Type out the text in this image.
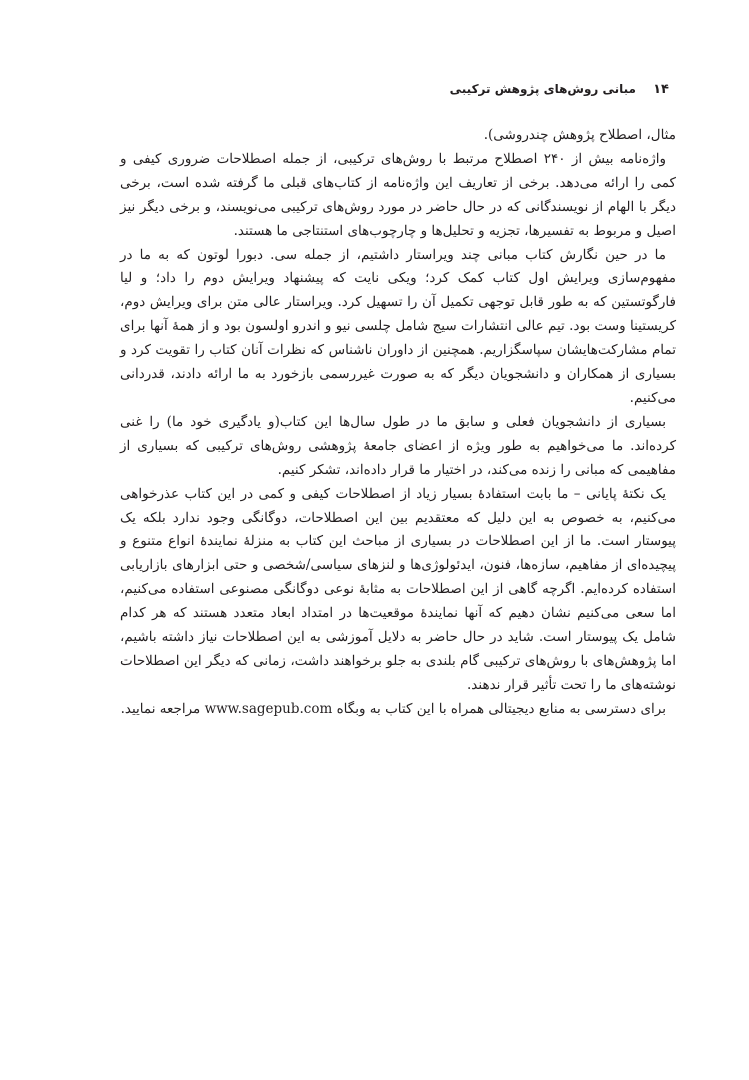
۱۴
مبانی روش‌های پژوهش ترکیبی

مثال، اصطلاح پژوهش چندروشی).

واژه‌نامه بیش از ۲۴۰ اصطلاح مرتبط با روش‌های ترکیبی، از جمله اصطلاحات ضروری کیفی و کمی را ارائه می‌دهد. برخی از تعاریف این واژه‌نامه از کتاب‌های قبلی ما گرفته شده است، برخی دیگر با الهام از نویسندگانی که در حال حاضر در مورد روش‌های ترکیبی می‌نویسند، و برخی دیگر نیز اصیل و مربوط به تفسیرها، تجزیه و تحلیل‌ها و چارچوب‌های استنتاجی ما هستند.

ما در حین نگارش کتاب مبانی چند ویراستار داشتیم، از جمله سی. دبورا لوتون که به ما در مفهوم‌سازی ویرایش اول کتاب کمک کرد؛ ویکی نایت که پیشنهاد ویرایش دوم را داد؛ و لیا فارگوتستین که به طور قابل توجهی تکمیل آن را تسهیل کرد. ویراستار عالی متن برای ویرایش دوم، کریستینا وست بود. تیم عالی انتشارات سیج شامل چلسی نیو و اندرو اولسون بود و از همهٔ آنها برای تمام مشارکت‌هایشان سپاسگزاریم. همچنین از داوران ناشناس که نظرات آنان کتاب را تقویت کرد و بسیاری از همکاران و دانشجویان دیگر که به صورت غیررسمی بازخورد به ما ارائه دادند، قدردانی می‌کنیم.

بسیاری از دانشجویان فعلی و سابق ما در طول سال‌ها این کتاب(و یادگیری خود ما) را غنی کرده‌اند. ما می‌خواهیم به طور ویژه از اعضای جامعهٔ پژوهشی روش‌های ترکیبی که بسیاری از مفاهیمی که مبانی را زنده می‌کند، در اختیار ما قرار داده‌اند، تشکر کنیم.

یک نکتهٔ پایانی – ما بابت استفادهٔ بسیار زیاد از اصطلاحات کیفی و کمی در این کتاب عذرخواهی می‌کنیم، به خصوص به این دلیل که معتقدیم بین این اصطلاحات، دوگانگی وجود ندارد بلکه یک پیوستار است. ما از این اصطلاحات در بسیاری از مباحث این کتاب به منزلهٔ نمایندهٔ انواع متنوع و پیچیده‌ای از مفاهیم، سازه‌ها، فنون، ایدئولوژی‌ها و لنزهای سیاسی/شخصی و حتی ابزارهای بازاریابی استفاده کرده‌ایم. اگرچه گاهی از این اصطلاحات به مثابهٔ نوعی دوگانگی مصنوعی استفاده می‌کنیم، اما سعی می‌کنیم نشان دهیم که آنها نمایندهٔ موقعیت‌ها در امتداد ابعاد متعدد هستند که هر کدام شامل یک پیوستار است. شاید در حال حاضر به دلایل آموزشی به این اصطلاحات نیاز داشته باشیم، اما پژوهش‌های با روش‌های ترکیبی گام بلندی به جلو برخواهند داشت، زمانی که دیگر این اصطلاحات نوشته‌های ما را تحت تأثیر قرار ندهند.

برای دسترسی به منابع دیجیتالی همراه با این کتاب به وبگاه www.sagepub.com مراجعه نمایید.
